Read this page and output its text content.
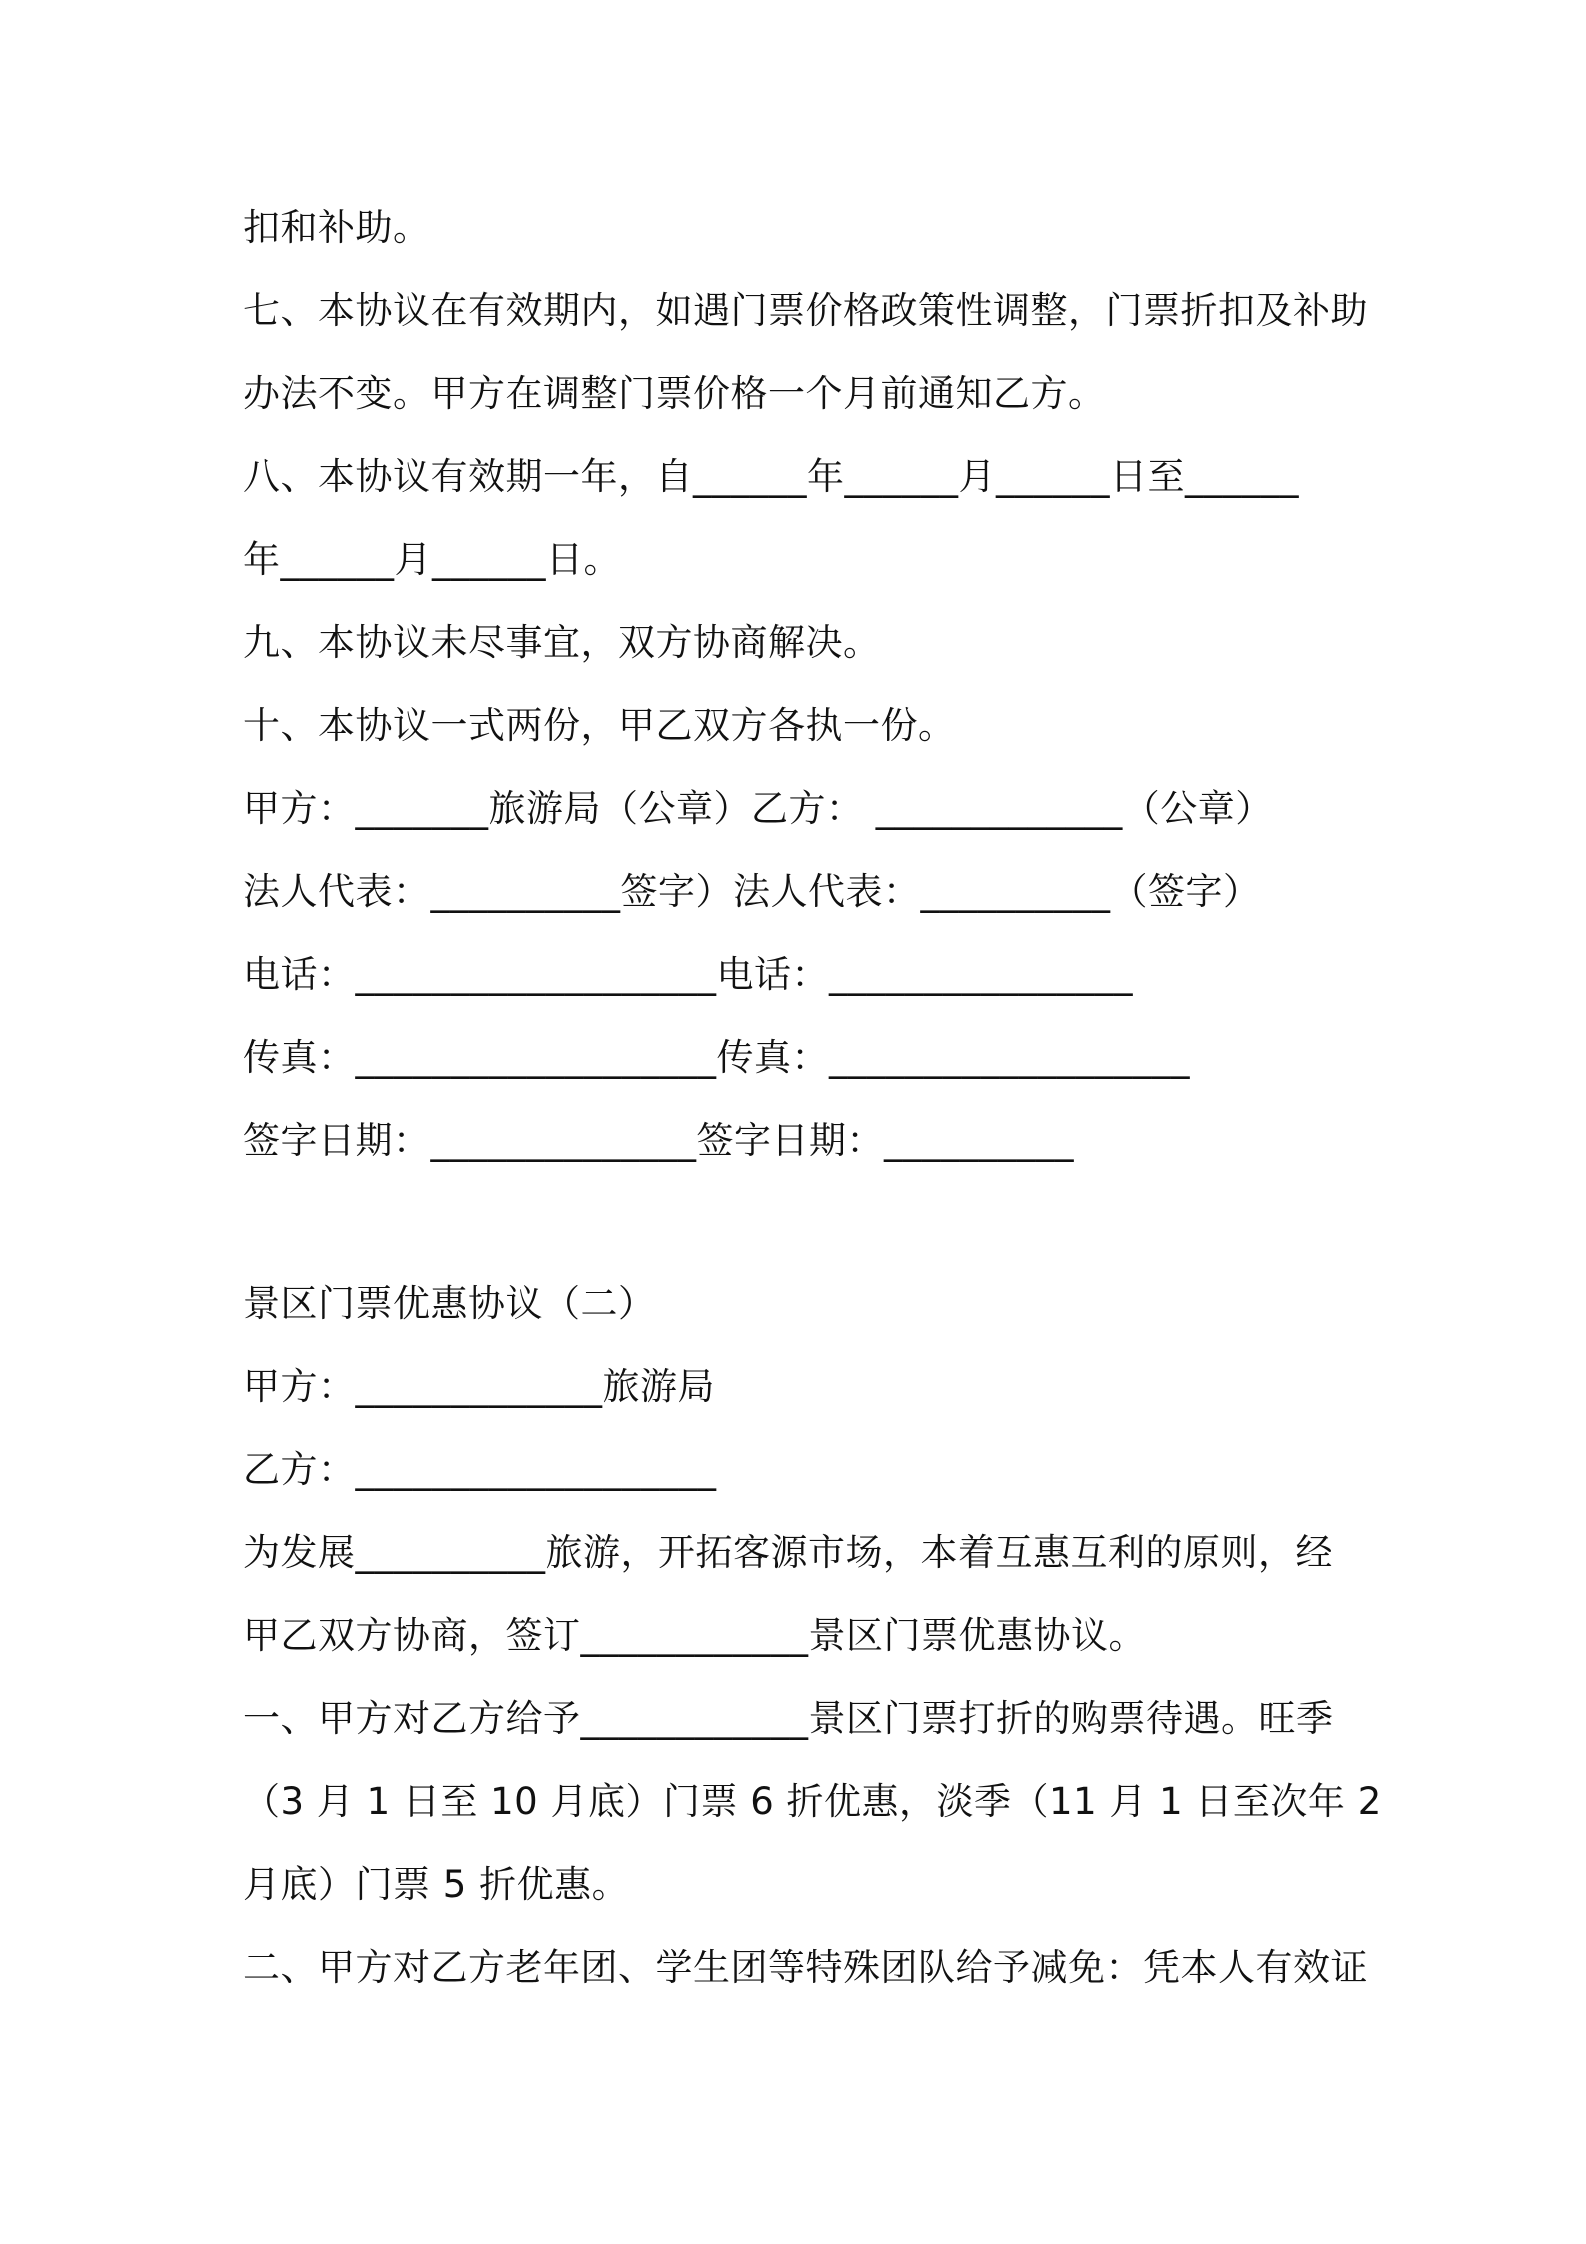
扣和补助。
七、本协议在有效期内，如遇门票价格政策性调整，门票折扣及补助
办法不变。甲方在调整门票价格一个月前通知乙方。
八、本协议有效期一年，自______年______月______日至______
年______月______日。
九、本协议未尽事宜，双方协商解决。
十、本协议一式两份，甲乙双方各执一份。
甲方：_______旅游局（公章）乙方： _____________（公章）
法人代表：__________签字）法人代表：__________（签字）
电话：___________________电话：________________
传真：___________________传真：___________________
签字日期：______________签字日期：__________
景区门票优惠协议（二）
甲方：_____________旅游局
乙方：___________________
为发展__________旅游，开拓客源市场，本着互惠互利的原则，经
甲乙双方协商，签订____________景区门票优惠协议。
一、甲方对乙方给予____________景区门票打折的购票待遇。旺季
（3 月 1 日至 10 月底）门票 6 折优惠，淡季（11 月 1 日至次年 2
月底）门票 5 折优惠。
二、甲方对乙方老年团、学生团等特殊团队给予减免：凭本人有效证
